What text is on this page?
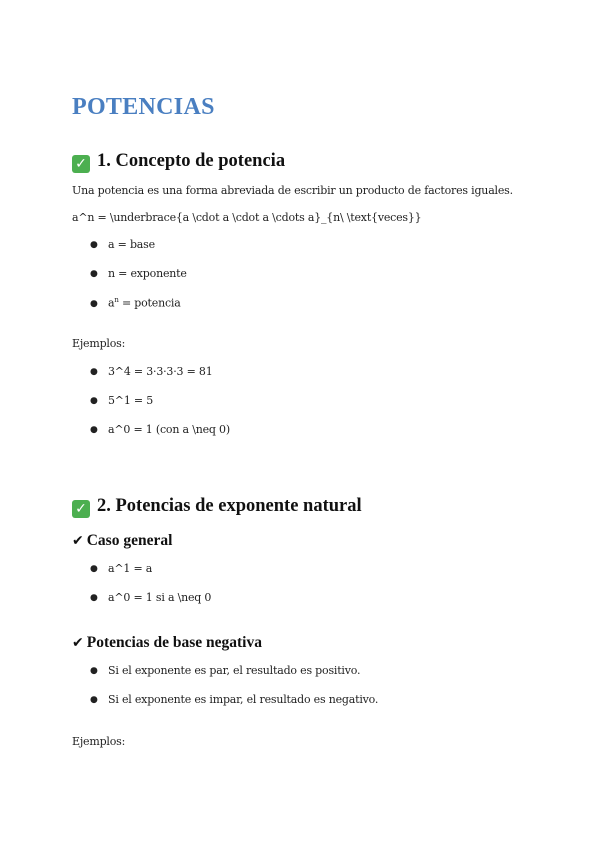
POTENCIAS
✓ 1. Concepto de potencia

Una potencia es una forma abreviada de escribir un producto de factores iguales.

a^n = \underbrace{a \cdot a \cdot a \cdots a}_{n\ \text{veces}}

● a = base
● n = exponente
● $a^n$ = potencia

Ejemplos:

● 3^4 = 3·3·3·3 = 81
● 5^1 = 5
● a^0 = 1 (con a \neq 0)
✓ 2. Potencias de exponente natural
✔ Caso general
● a^1 = a
● a^0 = 1 si a \neq 0
✔ Potencias de base negativa
● Si el exponente es par, el resultado es positivo.
● Si el exponente es impar, el resultado es negativo.

Ejemplos:
